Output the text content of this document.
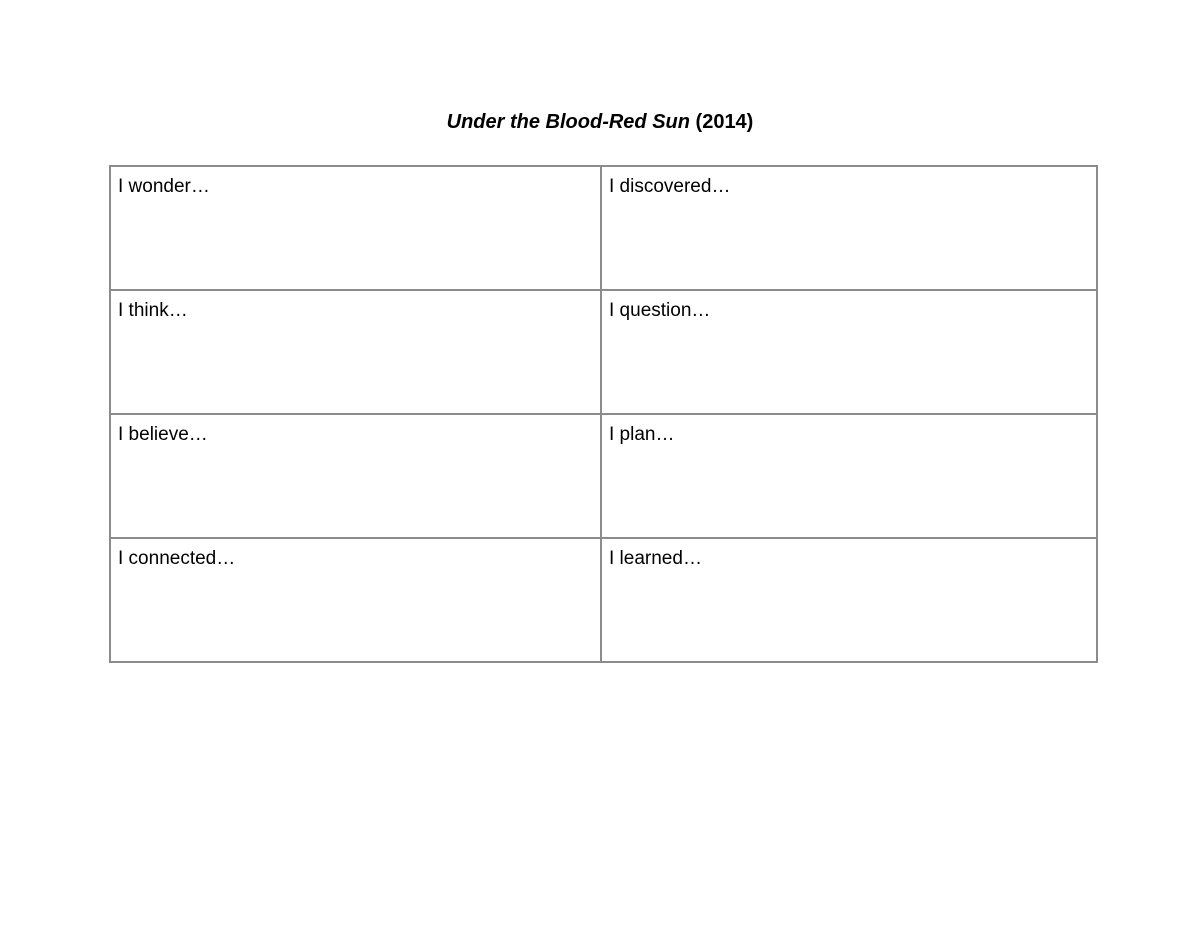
Under the Blood-Red Sun (2014)
I wonder…	I discovered…
I think…	I question…
I believe…	I plan…
I connected…	I learned…
